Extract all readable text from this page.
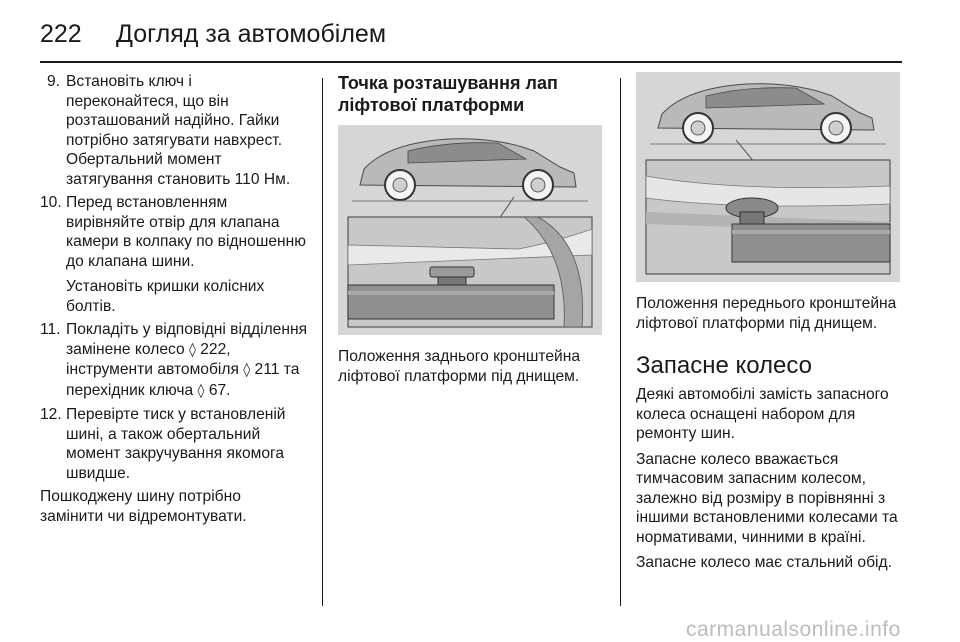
222 Догляд за автомобілем
9. Встановіть ключ і переконайтеся, що він розташований надійно. Гайки потрібно затягувати навхрест. Обертальний момент затягування становить 110 Нм.

10. Перед встановленням вирівняйте отвір для клапана камери в колпаку по відношенню до клапана шини.

Установіть кришки колісних болтів.

11. Покладіть у відповідні відділення замінене колесо ◊ 222, інструменти автомобіля ◊ 211 та перехідник ключа ◊ 67.

12. Перевірте тиск у встановленій шині, а також обертальний момент закручування якомога швидше.

Пошкоджену шину потрібно замінити чи відремонтувати.

Точка розташування лап ліфтової платформи

Положення заднього кронштейна ліфтової платформи під днищем.

Положення переднього кронштейна ліфтової платформи під днищем.

Запасне колесо

Деякі автомобілі замість запасного колеса оснащені набором для ремонту шин.

Запасне колесо вважається тимчасовим запасним колесом, залежно від розміру в порівнянні з іншими встановленими колесами та нормативами, чинними в країні.

Запасне колесо має стальний обід.

carmanualsonline.info
